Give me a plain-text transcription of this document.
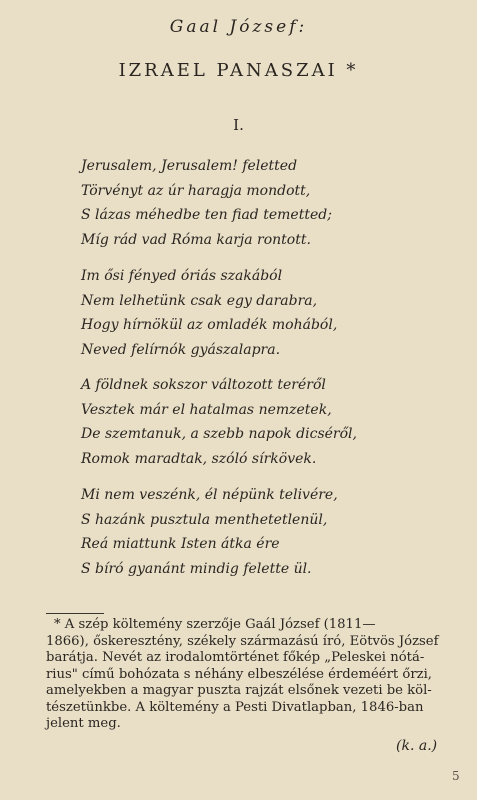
Gaal József:
IZRAEL PANASZAI *
I.
Jerusalem, Jerusalem! feletted
Törvényt az úr haragja mondott,
S lázas méhedbe ten fiad temetted;
Míg rád vad Róma karja rontott.
Im ősi fényed óriás szakából
Nem lelhetünk csak egy darabra,
Hogy hírnökül az omladék mohából,
Neved felírnók gyászalapra.
A földnek sokszor változott teréről
Vesztek már el hatalmas nemzetek,
De szemtanuk, a szebb napok dicséről,
Romok maradtak, szóló sírkövek.
Mi nem veszénk, él népünk telivére,
S hazánk pusztula menthetetlenül,
Reá miattunk Isten átka ére
S bíró gyanánt mindig felette ül.
* A szép költemény szerzője Gaál József (1811—
1866), őskeresztény, székely származású író, Eötvös József
barátja. Nevét az irodalomtörténet főkép „Peleskei nótá-
rius" című bohózata s néhány elbeszélése érdeméért őrzi,
amelyekben a magyar puszta rajzát elsőnek vezeti be köl-
tészetünkbe. A költemény a Pesti Divatlapban, 1846-ban
jelent meg.
(k. a.)
5
